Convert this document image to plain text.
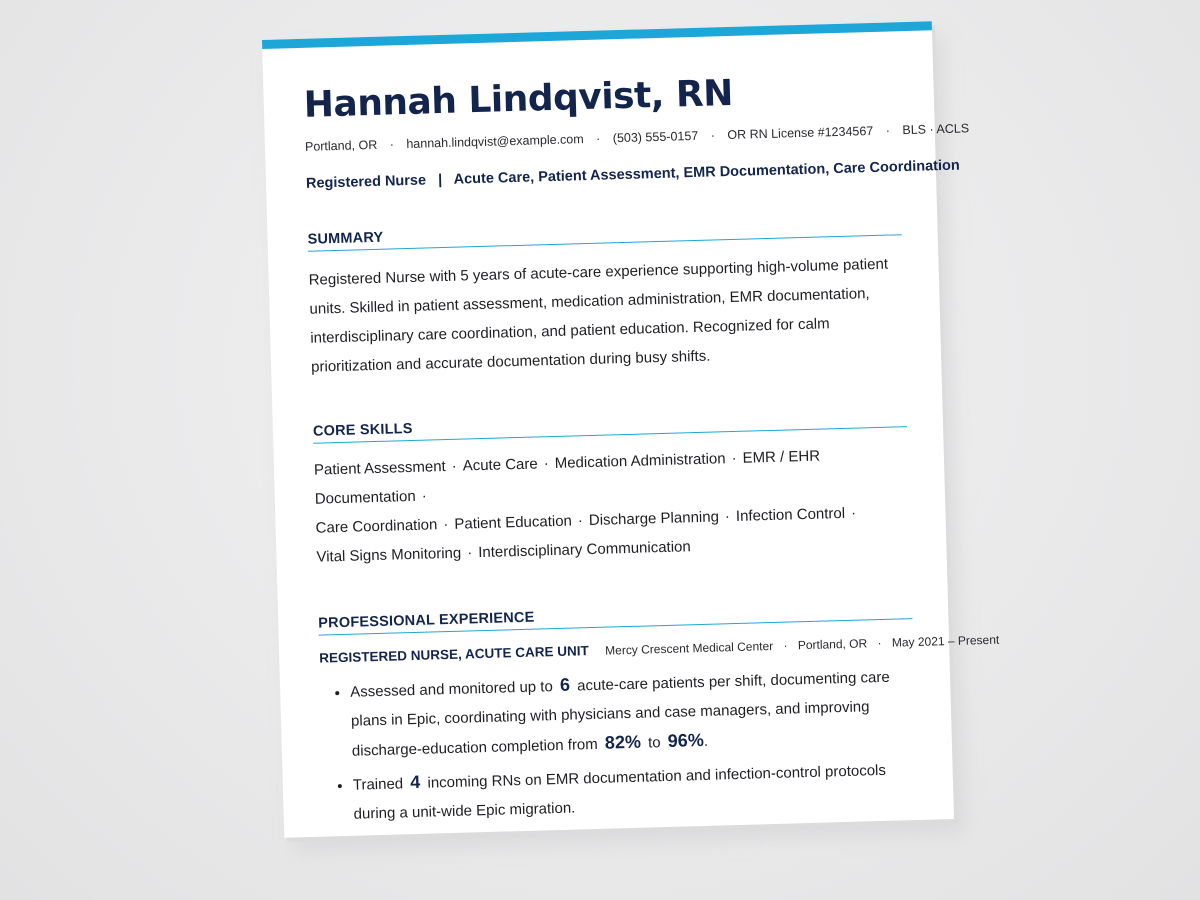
Hannah Lindqvist, RN
Portland, OR · hannah.lindqvist@example.com · (503) 555-0157 · OR RN License #1234567 · BLS · ACLS
Registered Nurse | Acute Care, Patient Assessment, EMR Documentation, Care Coordination
SUMMARY

Registered Nurse with 5 years of acute-care experience supporting high-volume patient units. Skilled in patient assessment, medication administration, EMR documentation, interdisciplinary care coordination, and patient education. Recognized for calm prioritization and accurate documentation during busy shifts.

CORE SKILLS
Patient Assessment · Acute Care · Medication Administration · EMR / EHR Documentation ·
Care Coordination · Patient Education · Discharge Planning · Infection Control ·
Vital Signs Monitoring · Interdisciplinary Communication
PROFESSIONAL EXPERIENCE
REGISTERED NURSE, ACUTE CARE UNIT Mercy Crescent Medical Center · Portland, OR · May 2021 – Present
• Assessed and monitored up to 6 acute-care patients per shift, documenting care plans in Epic, coordinating with physicians and case managers, and improving discharge-education completion from 82% to 96%.
• Trained 4 incoming RNs on EMR documentation and infection-control protocols during a unit-wide Epic migration.
